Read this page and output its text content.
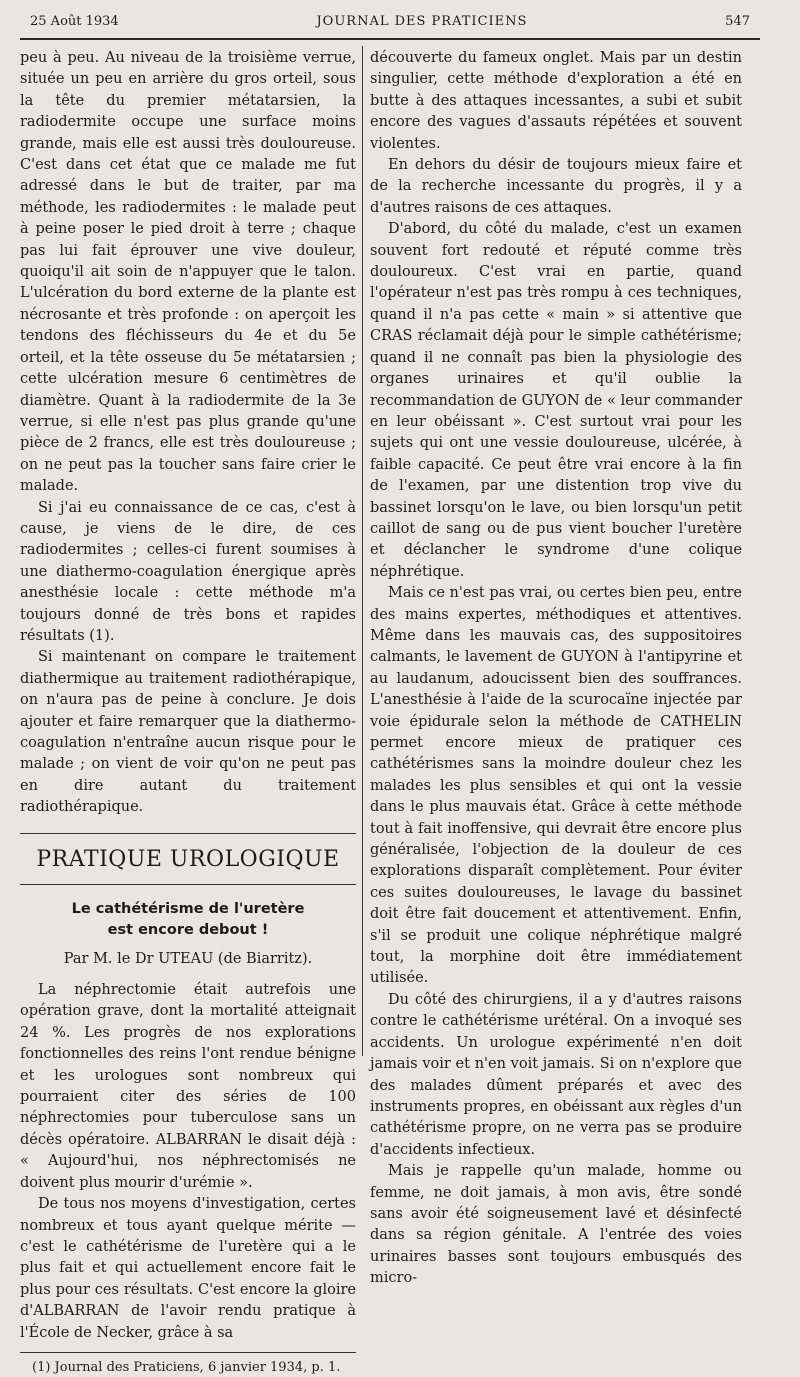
25 Août 1934	JOURNAL DES PRATICIENS	547

peu à peu. Au niveau de la troisième verrue, située un peu en arrière du gros orteil, sous la tête du premier métatarsien, la radiodermite occupe une surface moins grande, mais elle est aussi très douloureuse. C'est dans cet état que ce malade me fut adressé dans le but de traiter, par ma méthode, les radiodermites : le malade peut à peine poser le pied droit à terre ; chaque pas lui fait éprouver une vive douleur, quoiqu'il ait soin de n'appuyer que le talon. L'ulcération du bord externe de la plante est nécrosante et très profonde : on aperçoit les tendons des fléchisseurs du 4e et du 5e orteil, et la tête osseuse du 5e métatarsien ; cette ulcération mesure 6 centimètres de diamètre. Quant à la radiodermite de la 3e verrue, si elle n'est pas plus grande qu'une pièce de 2 francs, elle est très douloureuse ; on ne peut pas la toucher sans faire crier le malade.

Si j'ai eu connaissance de ce cas, c'est à cause, je viens de le dire, de ces radiodermites ; celles-ci furent soumises à une diathermo-coagulation énergique après anesthésie locale : cette méthode m'a toujours donné de très bons et rapides résultats (1).

Si maintenant on compare le traitement diathermique au traitement radiothérapique, on n'aura pas de peine à conclure. Je dois ajouter et faire remarquer que la diathermo-coagulation n'entraîne aucun risque pour le malade ; on vient de voir qu'on ne peut pas en dire autant du traitement radiothérapique.

PRATIQUE UROLOGIQUE
Le cathétérisme de l'uretère
est encore debout !
Par M. le Dr UTEAU (de Biarritz).

La néphrectomie était autrefois une opération grave, dont la mortalité atteignait 24 %. Les progrès de nos explorations fonctionnelles des reins l'ont rendue bénigne et les urologues sont nombreux qui pourraient citer des séries de 100 néphrectomies pour tuberculose sans un décès opératoire. ALBARRAN le disait déjà : « Aujourd'hui, nos néphrectomisés ne doivent plus mourir d'urémie ».

De tous nos moyens d'investigation, certes nombreux et tous ayant quelque mérite — c'est le cathétérisme de l'uretère qui a le plus fait et qui actuellement encore fait le plus pour ces résultats. C'est encore la gloire d'ALBARRAN de l'avoir rendu pratique à l'École de Necker, grâce à sa

(1) Journal des Praticiens, 6 janvier 1934, p. 1.

découverte du fameux onglet. Mais par un destin singulier, cette méthode d'exploration a été en butte à des attaques incessantes, a subi et subit encore des vagues d'assauts répétées et souvent violentes.

En dehors du désir de toujours mieux faire et de la recherche incessante du progrès, il y a d'autres raisons de ces attaques.

D'abord, du côté du malade, c'est un examen souvent fort redouté et réputé comme très douloureux. C'est vrai en partie, quand l'opérateur n'est pas très rompu à ces techniques, quand il n'a pas cette « main » si attentive que CRAS réclamait déjà pour le simple cathétérisme; quand il ne connaît pas bien la physiologie des organes urinaires et qu'il oublie la recommandation de GUYON de « leur commander en leur obéissant ». C'est surtout vrai pour les sujets qui ont une vessie douloureuse, ulcérée, à faible capacité. Ce peut être vrai encore à la fin de l'examen, par une distention trop vive du bassinet lorsqu'on le lave, ou bien lorsqu'un petit caillot de sang ou de pus vient boucher l'uretère et déclancher le syndrome d'une colique néphrétique.

Mais ce n'est pas vrai, ou certes bien peu, entre des mains expertes, méthodiques et attentives. Même dans les mauvais cas, des suppositoires calmants, le lavement de GUYON à l'antipyrine et au laudanum, adoucissent bien des souffrances. L'anesthésie à l'aide de la scurocaïne injectée par voie épidurale selon la méthode de CATHELIN permet encore mieux de pratiquer ces cathétérismes sans la moindre douleur chez les malades les plus sensibles et qui ont la vessie dans le plus mauvais état. Grâce à cette méthode tout à fait inoffensive, qui devrait être encore plus généralisée, l'objection de la douleur de ces explorations disparaît complètement. Pour éviter ces suites douloureuses, le lavage du bassinet doit être fait doucement et attentivement. Enfin, s'il se produit une colique néphrétique malgré tout, la morphine doit être immédiatement utilisée.

Du côté des chirurgiens, il a y d'autres raisons contre le cathétérisme urétéral. On a invoqué ses accidents. Un urologue expérimenté n'en doit jamais voir et n'en voit jamais. Si on n'explore que des malades dûment préparés et avec des instruments propres, en obéissant aux règles d'un cathétérisme propre, on ne verra pas se produire d'accidents infectieux.

Mais je rappelle qu'un malade, homme ou femme, ne doit jamais, à mon avis, être sondé sans avoir été soigneusement lavé et désinfecté dans sa région génitale. A l'entrée des voies urinaires basses sont toujours embusqués des micro-
